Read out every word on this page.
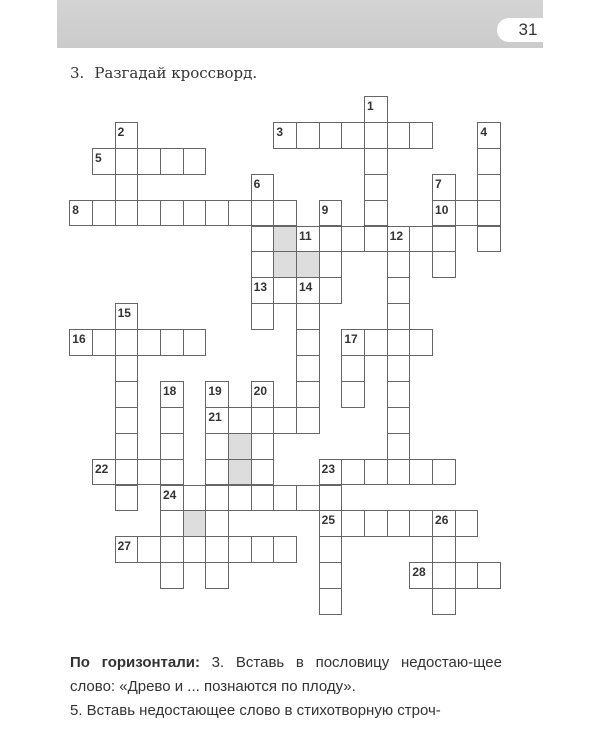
31
3. Разгадай кроссворд.
1
2	3	4
5
6
13
7
10
8	9
11	12
14
15
16	17
18
24
19
21
20
22	23
25	26
27
28
По горизонтали: 3. Вставь в пословицу недостаю-щее слово: «Древо и ... познаются по плоду».
5. Вставь недостающее слово в стихотворную строч-
